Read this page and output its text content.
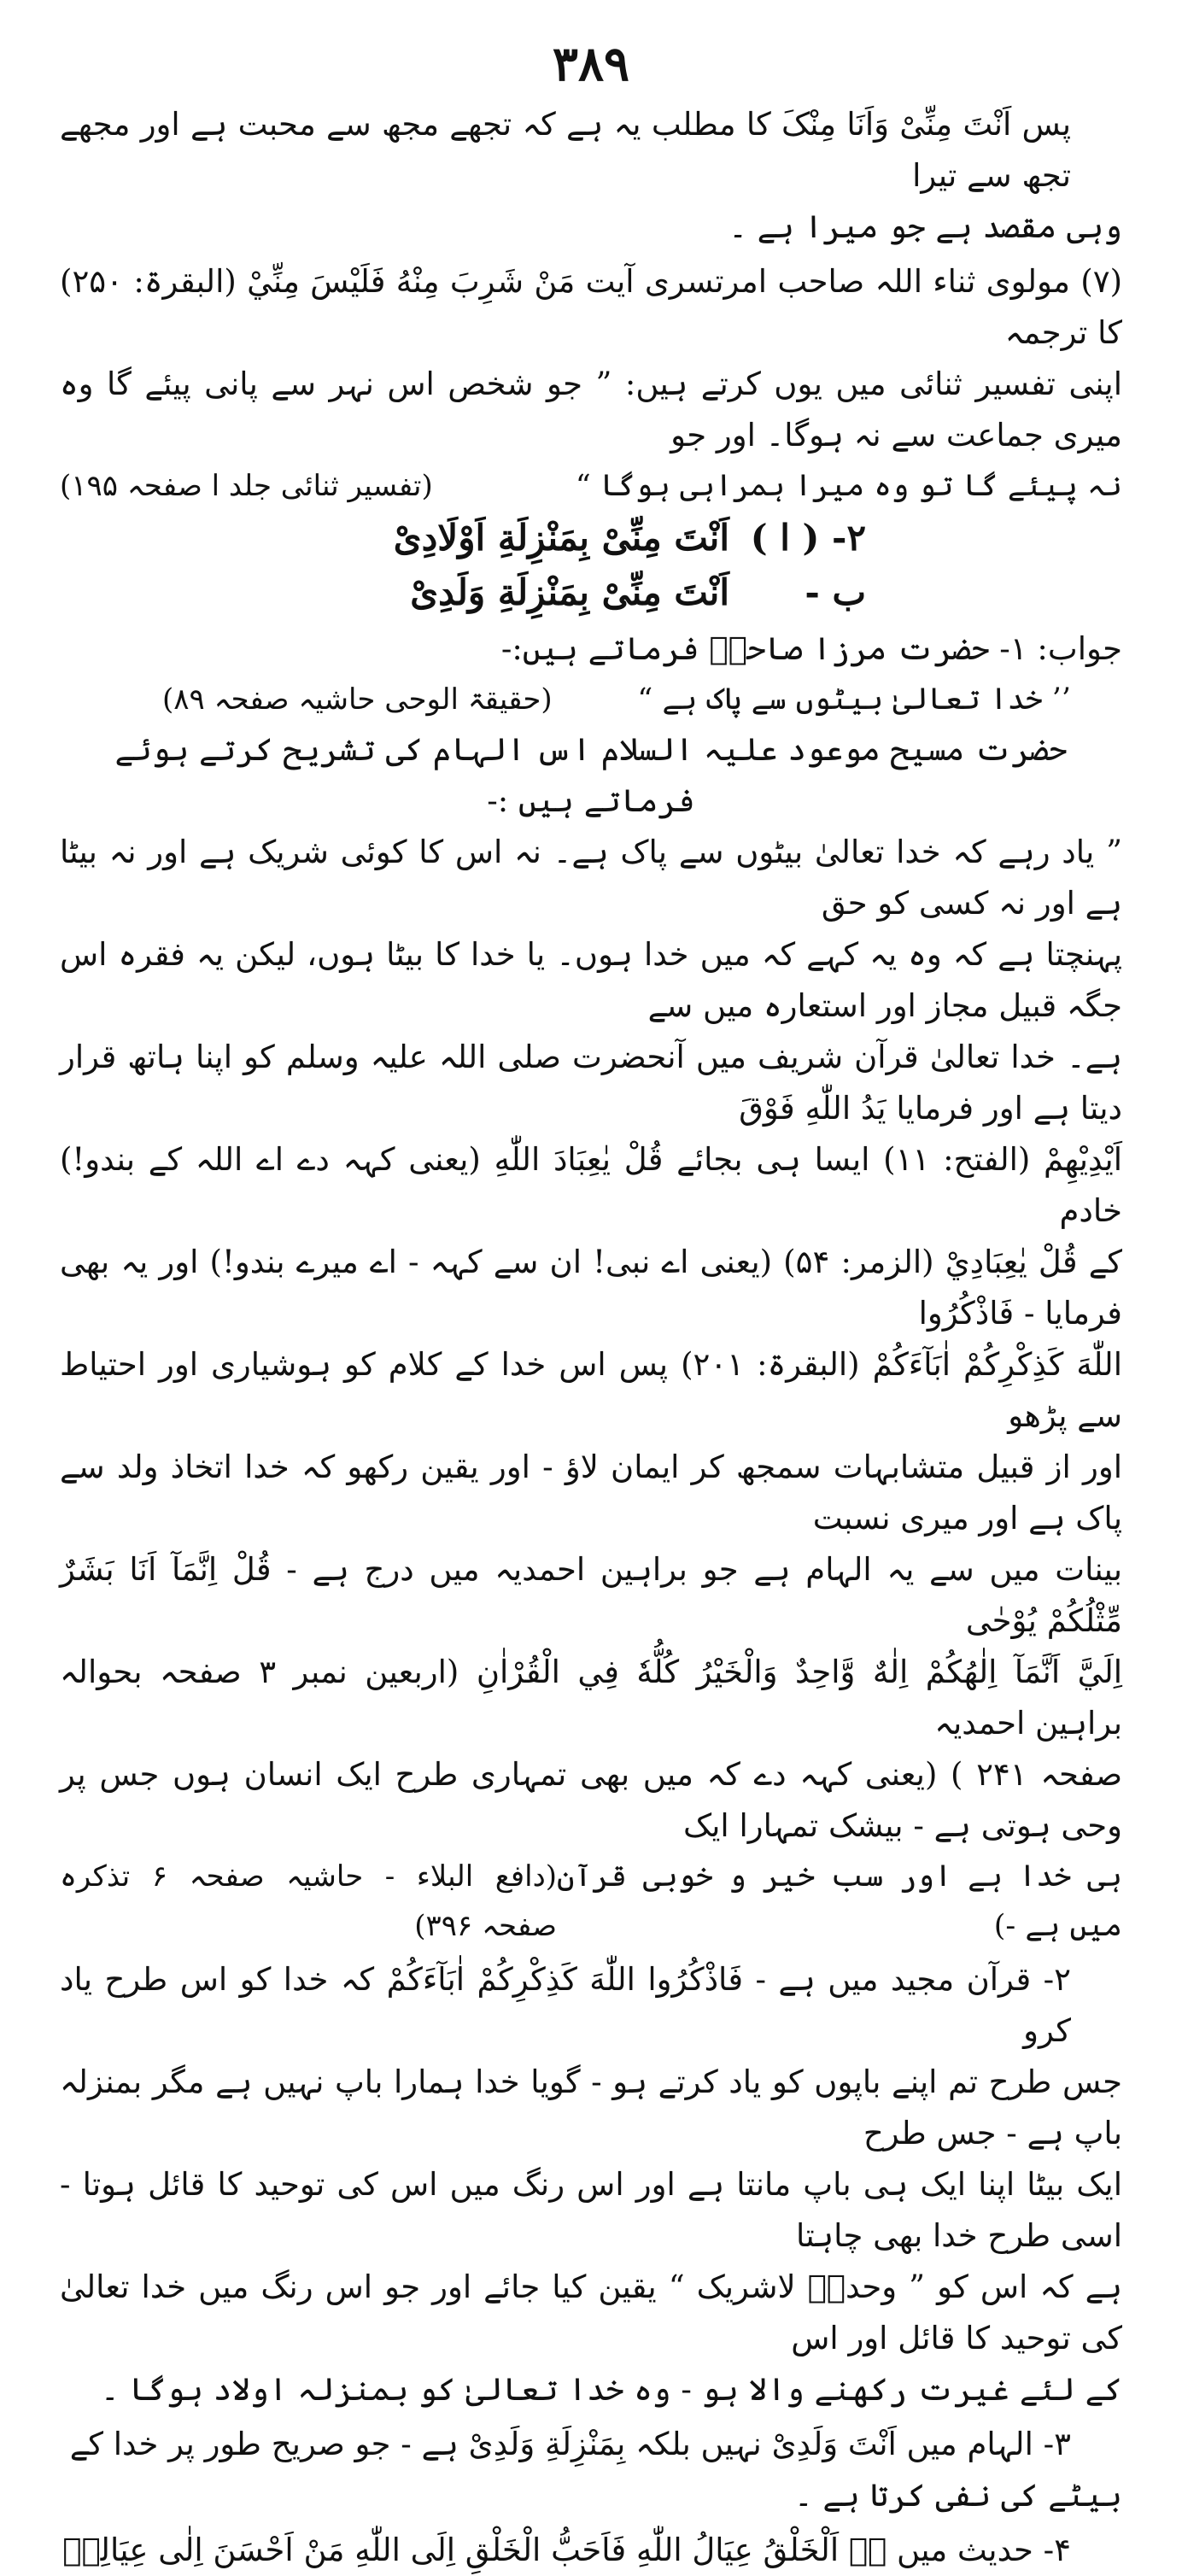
۳۸۹

پس اَنْتَ مِنِّیْ وَاَنَا مِنْکَ کا مطلب یہ ہے کہ تجھے مجھ سے محبت ہے اور مجھے تجھ سے تیرا

وہی مقصد ہے جو میرا ہے ۔

(۷) مولوی ثناء اللہ صاحب امرتسری آیت مَنْ شَرِبَ مِنْهُ فَلَيْسَ مِنِّيْ (البقرۃ: ۲۵۰) کا ترجمہ

اپنی تفسیر ثنائی میں یوں کرتے ہیں: ” جو شخص اس نہر سے پانی پیئے گا وہ میری جماعت سے نہ ہوگا۔ اور جو

نہ پیئے گا تو وہ میرا ہمراہی ہوگا “
(تفسیر ثنائی جلد ا صفحہ ۱۹۵)
۲- ( ا )
اَنْتَ مِنِّیْ بِمَنْزِلَةِ اَوْلَادِیْ
ب -
اَنْتَ مِنِّیْ بِمَنْزِلَةِ وَلَدِیْ

جواب: ۱- حضرت مرزا صاحبؑ فرماتے ہیں:-

’’ خدا تعالیٰ بیٹوں سے پاک ہے “
(حقیقۃ الوحی حاشیہ صفحہ ۸۹)

حضرت مسیح موعود علیہ السلام اس الہام کی تشریح کرتے ہوئے فرماتے ہیں :-

” یاد رہے کہ خدا تعالیٰ بیٹوں سے پاک ہے۔ نہ اس کا کوئی شریک ہے اور نہ بیٹا ہے اور نہ کسی کو حق

پہنچتا ہے کہ وہ یہ کہے کہ میں خدا ہوں۔ یا خدا کا بیٹا ہوں، لیکن یہ فقرہ اس جگہ قبیل مجاز اور استعارہ میں سے

ہے۔ خدا تعالیٰ قرآن شریف میں آنحضرت صلی اللہ علیہ وسلم کو اپنا ہاتھ قرار دیتا ہے اور فرمایا یَدُ اللّٰهِ فَوْقَ

اَيْدِيْهِمْ (الفتح: ۱۱) ایسا ہی بجائے قُلْ يٰعِبَادَ اللّٰهِ (یعنی کہہ دے اے اللہ کے بندو!) خادم

کے قُلْ يٰعِبَادِيْ (الزمر: ۵۴) (یعنی اے نبی! ان سے کہہ - اے میرے بندو!) اور یہ بھی فرمایا - فَاذْكُرُوا

اللّٰهَ كَذِكْرِكُمْ اٰبَآءَكُمْ (البقرۃ: ۲۰۱) پس اس خدا کے کلام کو ہوشیاری اور احتیاط سے پڑھو

اور از قبیل متشابہات سمجھ کر ایمان لاؤ - اور یقین رکھو کہ خدا اتخاذ ولد سے پاک ہے اور میری نسبت

بینات میں سے یہ الہام ہے جو براہین احمدیہ میں درج ہے - قُلْ اِنَّمَآ اَنَا بَشَرٌ مِّثْلُكُمْ يُوْحٰى

اِلَيَّ اَنَّمَآ اِلٰهُكُمْ اِلٰهٌ وَّاحِدٌ وَالْخَيْرُ كُلُّهٗ فِي الْقُرْاٰنِ (اربعین نمبر ۳ صفحہ بحوالہ براہین احمدیہ

صفحہ ۲۴۱ ) (یعنی کہہ دے کہ میں بھی تمہاری طرح ایک انسان ہوں جس پر وحی ہوتی ہے - بیشک تمہارا ایک

ہی خدا ہے اور سب خیر و خوبی قرآن میں ہے -)
(دافع البلاء - حاشیہ صفحہ ۶ تذکرہ صفحہ ۳۹۶)

۲- قرآن مجید میں ہے - فَاذْكُرُوا اللّٰهَ كَذِكْرِكُمْ اٰبَآءَكُمْ کہ خدا کو اس طرح یاد کرو

جس طرح تم اپنے باپوں کو یاد کرتے ہو - گویا خدا ہمارا باپ نہیں ہے مگر بمنزلہ باپ ہے - جس طرح

ایک بیٹا اپنا ایک ہی باپ مانتا ہے اور اس رنگ میں اس کی توحید کا قائل ہوتا - اسی طرح خدا بھی چاہتا

ہے کہ اس کو ” وحدہٗ لاشریک “ یقین کیا جائے اور جو اس رنگ میں خدا تعالیٰ کی توحید کا قائل اور اس

کے لئے غیرت رکھنے والا ہو - وہ خدا تعالیٰ کو بمنزلہ اولاد ہوگا ۔

۳- الہام میں اَنْتَ وَلَدِیْ نہیں بلکہ بِمَنْزِلَةِ وَلَدِیْ ہے - جو صریح طور پر خدا کے

بیٹے کی نفی کرتا ہے ۔

۴- حدیث میں ہے اَلْخَلْقُ عِيَالُ اللّٰهِ فَاَحَبُّ الْخَلْقِ اِلَى اللّٰهِ مَنْ اَحْسَنَ اِلٰى عِيَالِهٖ
